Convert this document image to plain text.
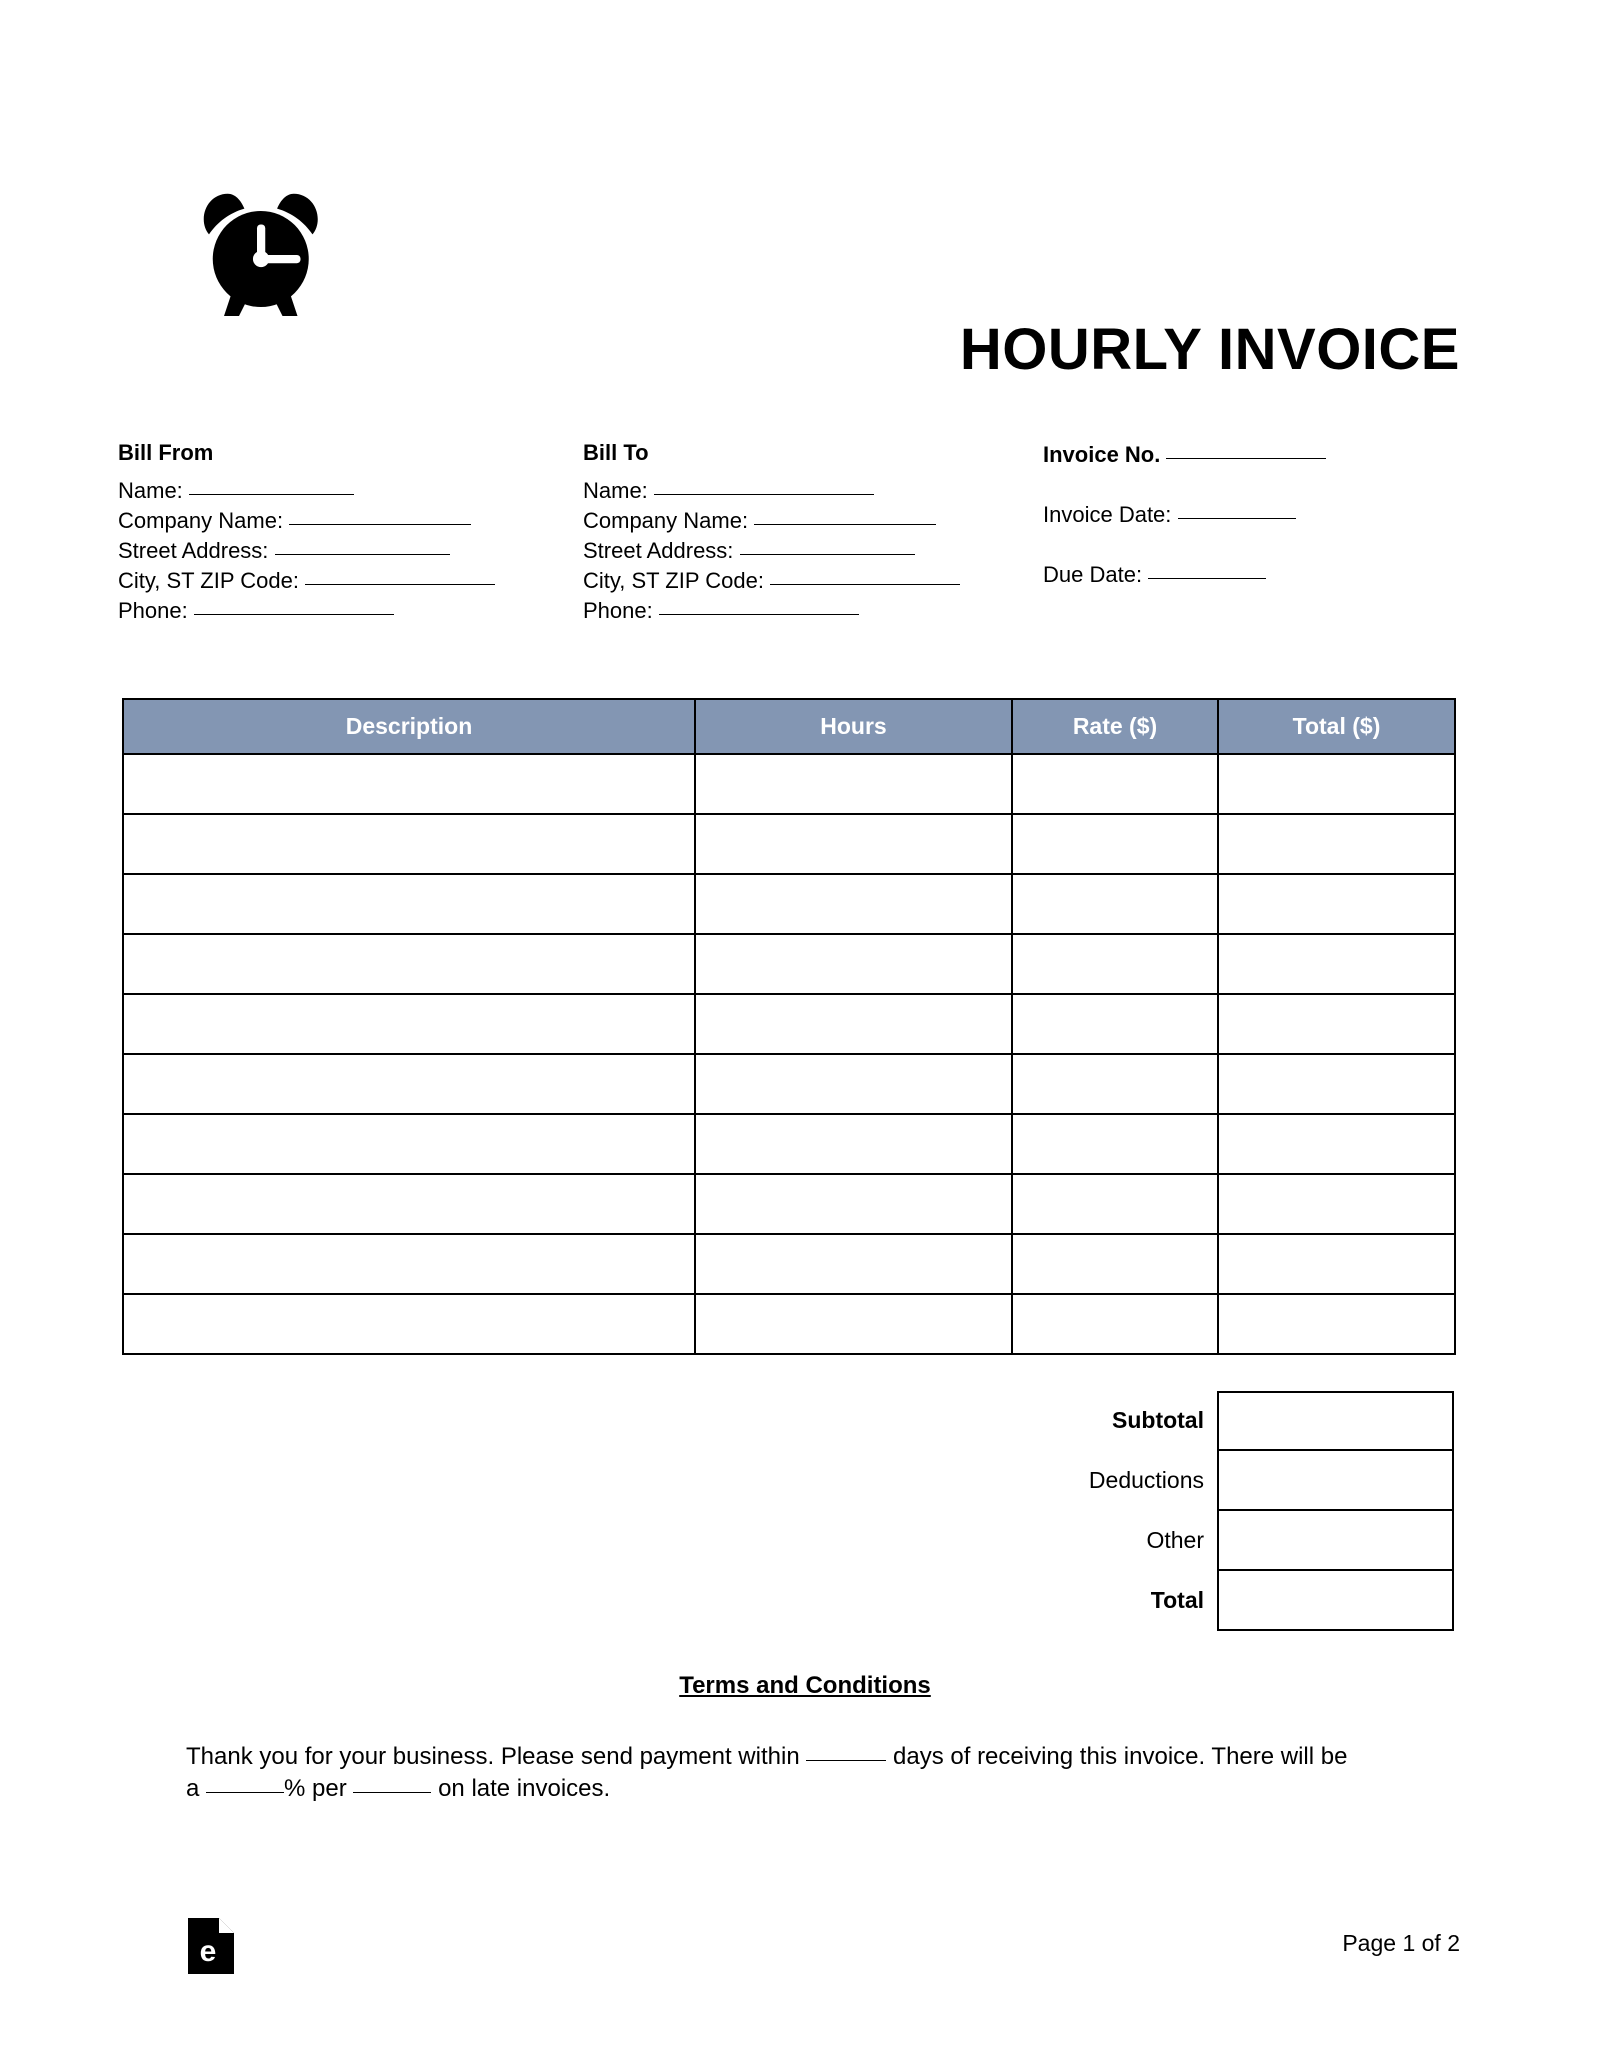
HOURLY INVOICE
Bill From
Name:
Company Name:
Street Address:
City, ST ZIP Code:
Phone:
Bill To
Name:
Company Name:
Street Address:
City, ST ZIP Code:
Phone:
Invoice No.
Invoice Date:
Due Date:
Description	Hours	Rate ($)	Total ($)

Subtotal
Deductions
Other
Total
Terms and Conditions
Thank you for your business. Please send payment within	days of receiving this invoice. There will be a	% per	on late invoices.
e	Page 1 of 2
